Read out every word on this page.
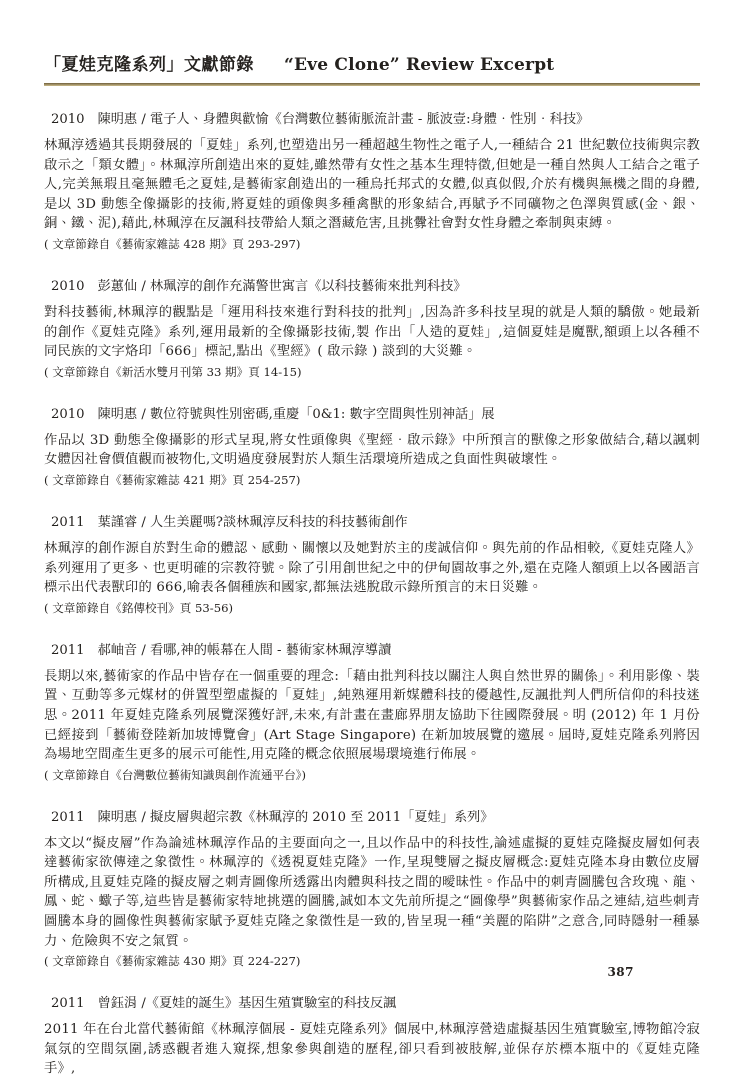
「夏娃克隆系列」文獻節錄 “Eve Clone” Review Excerpt
2010 陳明惠 / 電子人、身體與歡愉《台灣數位藝術脈流計畫 - 脈波壹:身體‧性別‧科技》

林珮淳透過其長期發展的「夏娃」系列,也塑造出另一種超越生物性之電子人,一種結合 21 世紀數位技術與宗教啟示之「類女體」。林珮淳所創造出來的夏娃,雖然帶有女性之基本生理特徵,但她是一種自然與人工結合之電子人,完美無瑕且毫無體毛之夏娃,是藝術家創造出的一種烏托邦式的女體,似真似假,介於有機與無機之間的身體,是以 3D 動態全像攝影的技術,將夏娃的頭像與多種禽獸的形象結合,再賦予不同礦物之色澤與質感(金、銀、銅、鐵、泥),藉此,林珮淳在反諷科技帶給人類之潛藏危害,且挑釁社會對女性身體之牽制與束縛。

( 文章節錄自《藝術家雜誌 428 期》頁 293-297)

2010 彭蕙仙 / 林珮淳的創作充滿警世寓言《以科技藝術來批判科技》

對科技藝術,林珮淳的觀點是「運用科技來進行對科技的批判」,因為許多科技呈現的就是人類的驕傲。她最新的創作《夏娃克隆》系列,運用最新的全像攝影技術,製 作出「人造的夏娃」,這個夏娃是魔獸,額頭上以各種不同民族的文字烙印「666」標記,點出《聖經》( 啟示錄 ) 談到的大災難。

( 文章節錄自《新活水雙月刊第 33 期》頁 14-15)

2010 陳明惠 / 數位符號與性別密碼,重慶「0&1: 數字空間與性別神話」展

作品以 3D 動態全像攝影的形式呈現,將女性頭像與《聖經‧啟示錄》中所預言的獸像之形象做結合,藉以諷刺女體因社會價值觀而被物化,文明過度發展對於人類生活環境所造成之負面性與破壞性。

( 文章節錄自《藝術家雜誌 421 期》頁 254-257)

2011 葉謹睿 / 人生美麗嗎?談林珮淳反科技的科技藝術創作

林珮淳的創作源自於對生命的體認、感動、關懷以及她對於主的虔誠信仰。與先前的作品相較,《夏娃克隆人》系列運用了更多、也更明確的宗教符號。除了引用創世紀之中的伊甸園故事之外,還在克隆人額頭上以各國語言標示出代表獸印的 666,喻表各個種族和國家,都無法逃脫啟示錄所預言的末日災難。

( 文章節錄自《銘傳校刊》頁 53-56)

2011 郝岫音 / 看哪,神的帳幕在人間 - 藝術家林珮淳導讀

長期以來,藝術家的作品中皆存在一個重要的理念:「藉由批判科技以關注人與自然世界的關係」。利用影像、裝置、互動等多元媒材的併置型塑虛擬的「夏娃」,純熟運用新媒體科技的優越性,反諷批判人們所信仰的科技迷思。2011 年夏娃克隆系列展覽深獲好評,未來,有計畫在畫廊界朋友協助下往國際發展。明 (2012) 年 1 月份已經接到「藝術登陸新加坡博覽會」(Art Stage Singapore) 在新加坡展覽的邀展。屆時,夏娃克隆系列將因為場地空間產生更多的展示可能性,用克隆的概念依照展場環境進行佈展。

( 文章節錄自《台灣數位藝術知識與創作流通平台》)

2011 陳明惠 / 擬皮層與超宗教《林珮淳的 2010 至 2011「夏娃」系列》

本文以“擬皮層”作為論述林珮淳作品的主要面向之一,且以作品中的科技性,論述虛擬的夏娃克隆擬皮層如何表達藝術家欲傳達之象徵性。林珮淳的《透視夏娃克隆》一作,呈現雙層之擬皮層概念:夏娃克隆本身由數位皮層所構成,且夏娃克隆的擬皮層之刺青圖像所透露出肉體與科技之間的曖昧性。作品中的刺青圖騰包含玫瑰、龍、鳳、蛇、蠍子等,這些皆是藝術家特地挑選的圖騰,誠如本文先前所提之“圖像學”與藝術家作品之連結,這些刺青圖騰本身的圖像性與藝術家賦予夏娃克隆之象徵性是一致的,皆呈現一種“美麗的陷阱”之意含,同時隱射一種暴力、危險與不安之氣質。

( 文章節錄自《藝術家雜誌 430 期》頁 224-227)

2011 曾鈺涓 /《夏娃的誕生》基因生殖實驗室的科技反諷

2011 年在台北當代藝術館《林珮淳個展 - 夏娃克隆系列》個展中,林珮淳營造虛擬基因生殖實驗室,博物館冷寂氣氛的空間氛圍,誘惑觀者進入窺探,想象參與創造的歷程,卻只看到被肢解,並保存於標本瓶中的《夏娃克隆手》,

387
